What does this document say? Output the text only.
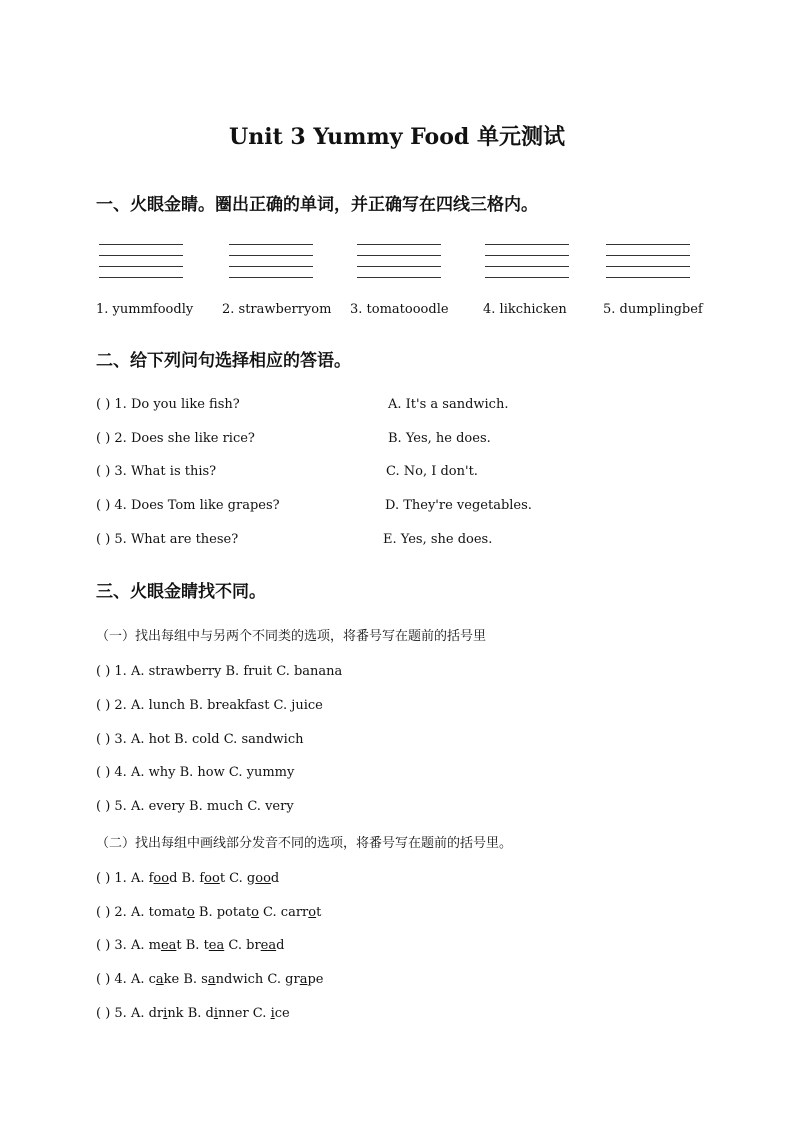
Unit 3 Yummy Food 单元测试
一、火眼金睛。圈出正确的单词，并正确写在四线三格内。
1. yummfoodly 2. strawberryom 3. tomatooodle	4. likchicken	5. dumplingbef
二、给下列问句选择相应的答语。
( ) 1. Do you like fish?
( ) 2. Does she like rice?
( ) 3. What is this?
( ) 4. Does Tom like grapes?
( ) 5. What are these?
A. It's a sandwich.
B. Yes, he does.
C. No, I don't.
D. They're vegetables.
E. Yes, she does.
三、火眼金睛找不同。
（一）找出每组中与另两个不同类的选项，将番号写在题前的括号里
( ) 1. A. strawberry B. fruit C. banana
( ) 2. A. lunch B. breakfast C. juice
( ) 3. A. hot B. cold C. sandwich
( ) 4. A. why B. how C. yummy
( ) 5. A. every B. much C. very
（二）找出每组中画线部分发音不同的选项，将番号写在题前的括号里。
( ) 1. A. food B. foot C. good
( ) 2. A. tomato B. potato C. carrot
( ) 3. A. meat B. tea C. bread
( ) 4. A. cake B. sandwich C. grape
( ) 5. A. drink B. dinner C. ice
